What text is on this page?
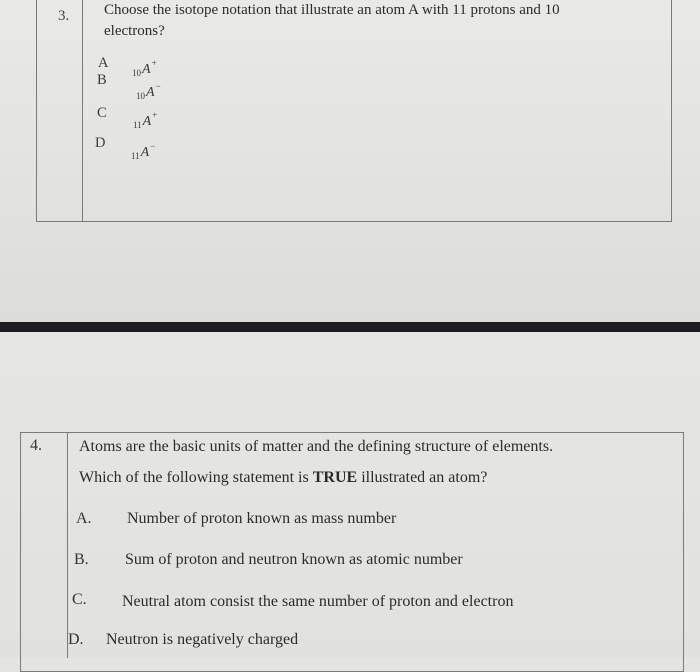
3. Choose the isotope notation that illustrate an atom A with 11 protons and 10
electrons?
A
$_{10}$A+
B
$_{10}$A−
C
$_{11}$A+
D
$_{11}$A−
4. Atoms are the basic units of matter and the defining structure of elements.
Which of the following statement is TRUE illustrated an atom?
A. Number of proton known as mass number
B. Sum of proton and neutron known as atomic number
C. Neutral atom consist the same number of proton and electron
D. Neutron is negatively charged
